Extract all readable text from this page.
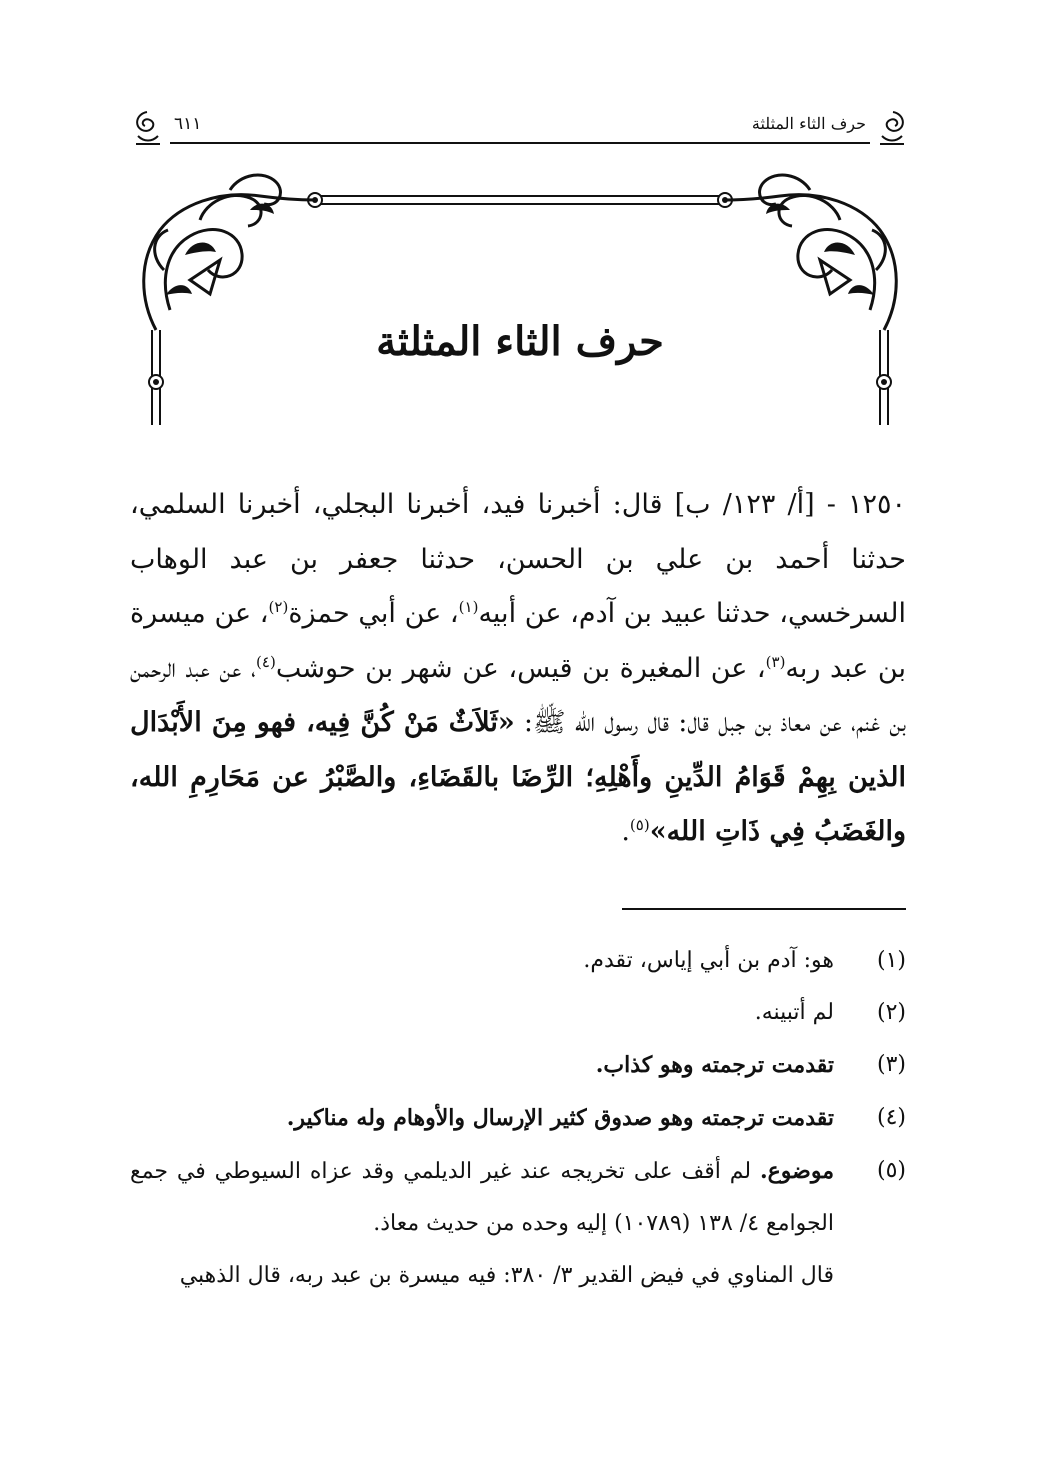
٦١١	حرف الثاء المثلثة
حرف الثاء المثلثة

١٢٥٠ - [أ/ ١٢٣/ ب] قال: أخبرنا فيد، أخبرنا البجلي، أخبرنا السلمي، حدثنا أحمد بن علي بن الحسن، حدثنا جعفر بن عبد الوهاب السرخسي، حدثنا عبيد بن آدم، عن أبيه$^{(١)}$، عن أبي حمزة$^{(٢)}$، عن ميسرة بن عبد ربه$^{(٣)}$، عن المغيرة بن قيس، عن شهر بن حوشب$^{(٤)}$، عن عبد الرحمن بن غنم، عن معاذ بن جبل قال: قال رسول الله ﷺ: «ثَلاَثٌ مَنْ كُنَّ فِيه، فهو مِنَ الأَبْدَال الذين بِهِمْ قَوَامُ الدِّينِ وأَهْلِهِ؛ الرِّضَا بالقَضَاءِ، والصَّبْرُ عن مَحَارِمِ الله، والغَضَبُ فِي ذَاتِ الله»$^{(٥)}$.

(١)
هو: آدم بن أبي إياس، تقدم.
(٢)
لم أتبينه.
(٣)
تقدمت ترجمته وهو كذاب.
(٤)
تقدمت ترجمته وهو صدوق كثير الإرسال والأوهام وله مناكير.
(٥)
موضوع. لم أقف على تخريجه عند غير الديلمي وقد عزاه السيوطي في جمع الجوامع ٤/ ١٣٨ (١٠٧٨٩) إليه وحده من حديث معاذ.

قال المناوي في فيض القدير ٣/ ٣٨٠: فيه ميسرة بن عبد ربه، قال الذهبي
